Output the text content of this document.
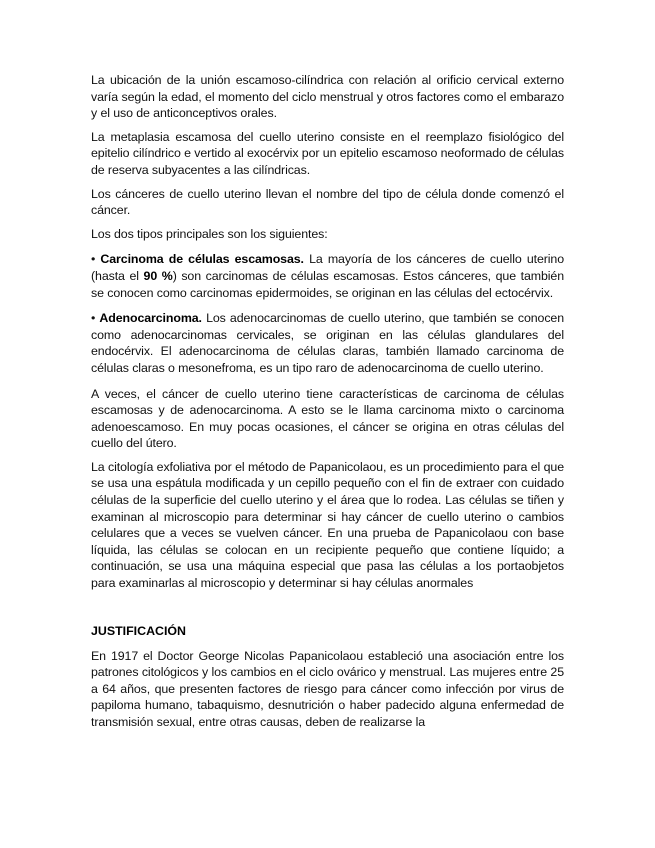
La ubicación de la unión escamoso-cilíndrica con relación al orificio cervical externo varía según la edad, el momento del ciclo menstrual y otros factores como el embarazo y el uso de anticonceptivos orales.

La metaplasia escamosa del cuello uterino consiste en el reemplazo fisiológico del epitelio cilíndrico e vertido al exocérvix por un epitelio escamoso neoformado de células de reserva subyacentes a las cilíndricas.

Los cánceres de cuello uterino llevan el nombre del tipo de célula donde comenzó el cáncer.

Los dos tipos principales son los siguientes:

• Carcinoma de células escamosas. La mayoría de los cánceres de cuello uterino (hasta el 90 %) son carcinomas de células escamosas. Estos cánceres, que también se conocen como carcinomas epidermoides, se originan en las células del ectocérvix.

• Adenocarcinoma. Los adenocarcinomas de cuello uterino, que también se conocen como adenocarcinomas cervicales, se originan en las células glandulares del endocérvix. El adenocarcinoma de células claras, también llamado carcinoma de células claras o mesonefroma, es un tipo raro de adenocarcinoma de cuello uterino.

A veces, el cáncer de cuello uterino tiene características de carcinoma de células escamosas y de adenocarcinoma. A esto se le llama carcinoma mixto o carcinoma adenoescamoso. En muy pocas ocasiones, el cáncer se origina en otras células del cuello del útero.

La citología exfoliativa por el método de Papanicolaou, es un procedimiento para el que se usa una espátula modificada y un cepillo pequeño con el fin de extraer con cuidado células de la superficie del cuello uterino y el área que lo rodea. Las células se tiñen y examinan al microscopio para determinar si hay cáncer de cuello uterino o cambios celulares que a veces se vuelven cáncer. En una prueba de Papanicolaou con base líquida, las células se colocan en un recipiente pequeño que contiene líquido; a continuación, se usa una máquina especial que pasa las células a los portaobjetos para examinarlas al microscopio y determinar si hay células anormales

JUSTIFICACIÓN

En 1917 el Doctor George Nicolas Papanicolaou estableció una asociación entre los patrones citológicos y los cambios en el ciclo ovárico y menstrual. Las mujeres entre 25 a 64 años, que presenten factores de riesgo para cáncer como infección por virus de papiloma humano, tabaquismo, desnutrición o haber padecido alguna enfermedad de transmisión sexual, entre otras causas, deben de realizarse la
